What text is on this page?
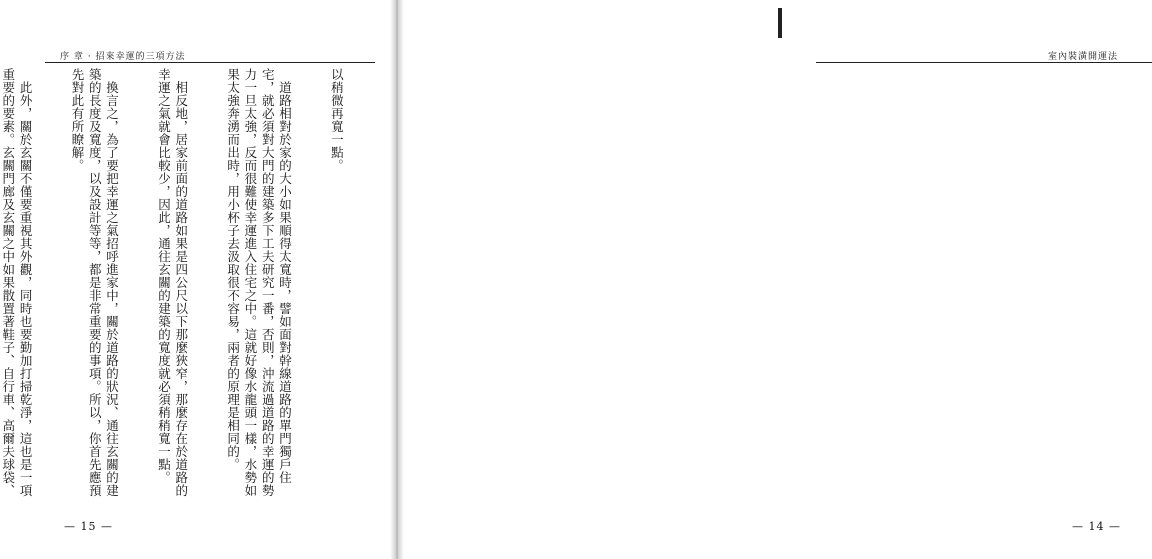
序 章 · 招來幸運的三項方法

以稍微再寬一點。

道路相對於家的大小如果順得太寬時，譬如面對幹線道路的單門獨戶住宅，就必須對大門的建築多下工夫研究一番，否則，沖流過道路的幸運的勢力一旦太強，反而很難使幸運進入住宅之中。這就好像水龍頭一樣，水勢如果太強奔湧而出時，用小杯子去汲取很不容易，兩者的原理是相同的。

相反地，居家前面的道路如果是四公尺以下那麼狹窄，那麼存在於道路的幸運之氣就會比較少，因此，通往玄關的建築的寬度就必須稍稍寬一點。

換言之，為了要把幸運之氣招呼進家中，關於道路的狀況、通往玄關的建築的長度及寬度，以及設計等等，都是非常重要的事項。所以，你首先應預先對此有所瞭解。

此外，關於玄關不僅要重視其外觀，同時也要勤加打掃乾淨，這也是一項重要的要素。玄關門廊及玄關之中如果散置著鞋子、自行車、高爾夫球袋、

— 15 —
室內裝潢開運法

— 14 —
